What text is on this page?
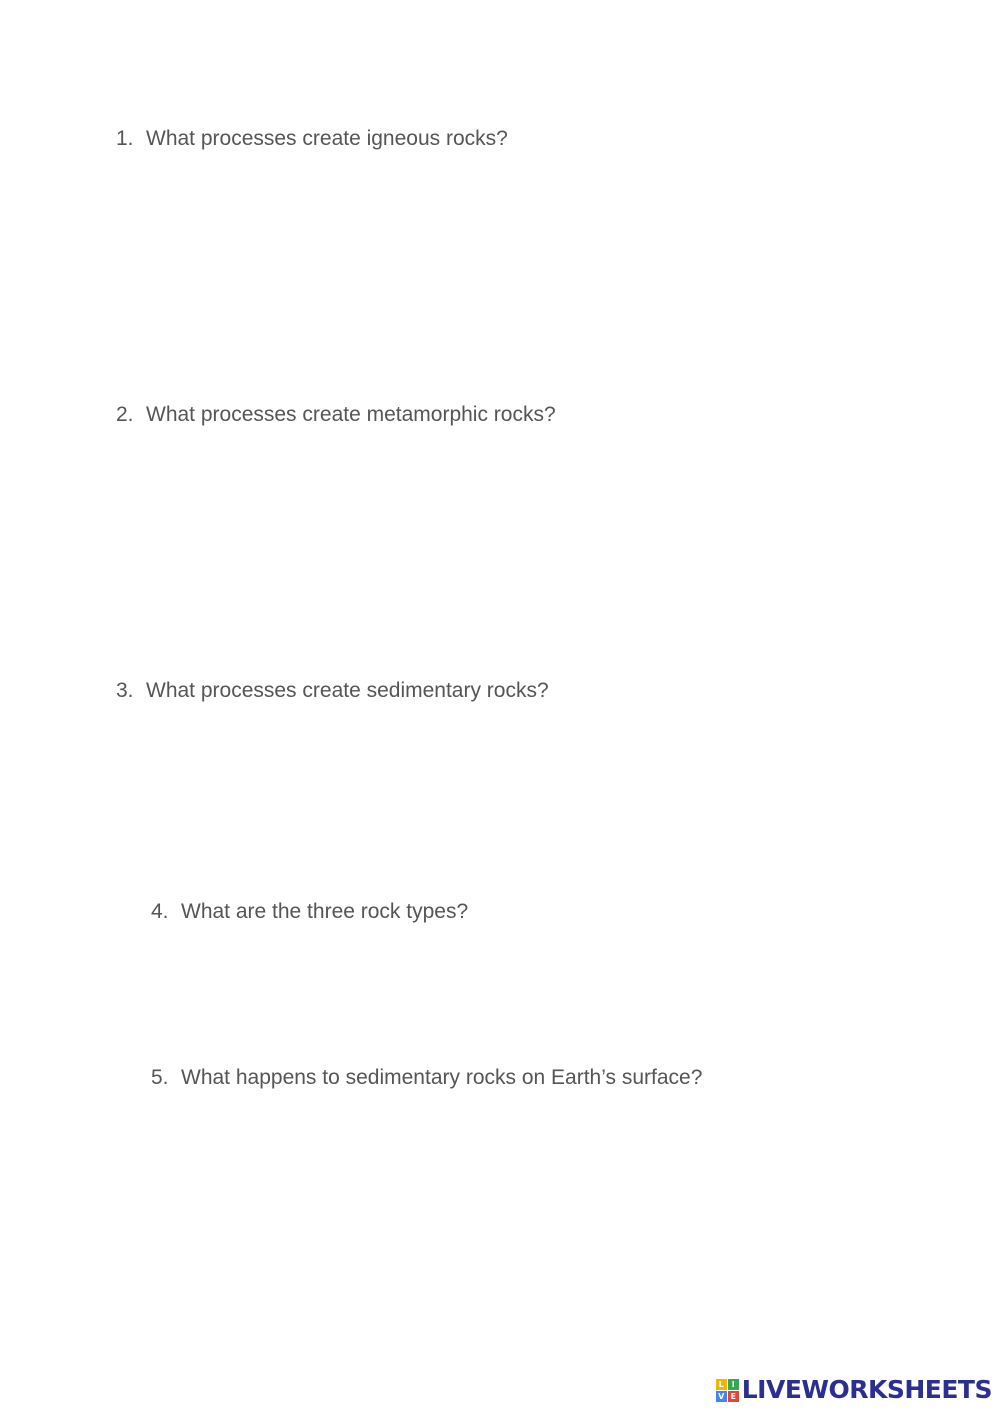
1. What processes create igneous rocks?
2. What processes create metamorphic rocks?
3. What processes create sedimentary rocks?
4. What are the three rock types?
5. What happens to sedimentary rocks on Earth’s surface?
L I
V E LIVEWORKSHEETS
